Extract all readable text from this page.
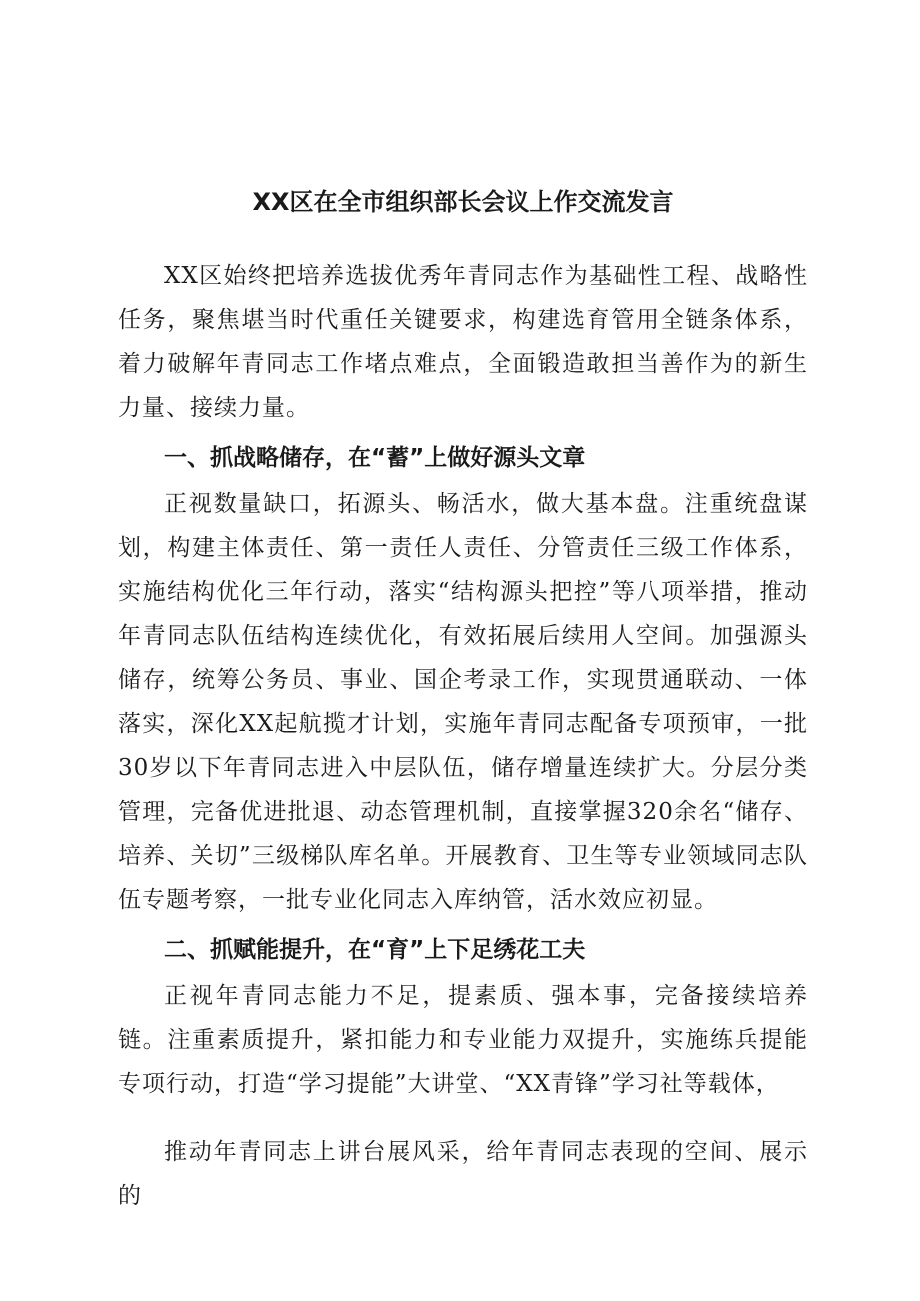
XX区在全市组织部长会议上作交流发言

XX区始终把培养选拔优秀年青同志作为基础性工程、战略性任务，聚焦堪当时代重任关键要求，构建选育管用全链条体系，着力破解年青同志工作堵点难点，全面锻造敢担当善作为的新生力量、接续力量。

一、抓战略储存，在“蓄”上做好源头文章

正视数量缺口，拓源头、畅活水，做大基本盘。注重统盘谋划，构建主体责任、第一责任人责任、分管责任三级工作体系，实施结构优化三年行动，落实“结构源头把控”等八项举措，推动年青同志队伍结构连续优化，有效拓展后续用人空间。加强源头储存，统筹公务员、事业、国企考录工作，实现贯通联动、一体落实，深化XX起航揽才计划，实施年青同志配备专项预审，一批30岁以下年青同志进入中层队伍，储存增量连续扩大。分层分类管理，完备优进批退、动态管理机制，直接掌握320余名“储存、培养、关切”三级梯队库名单。开展教育、卫生等专业领域同志队伍专题考察，一批专业化同志入库纳管，活水效应初显。

二、抓赋能提升，在“育”上下足绣花工夫

正视年青同志能力不足，提素质、强本事，完备接续培养链。注重素质提升，紧扣能力和专业能力双提升，实施练兵提能专项行动，打造“学习提能”大讲堂、“XX青锋”学习社等载体，

推动年青同志上讲台展风采，给年青同志表现的空间、展示的
